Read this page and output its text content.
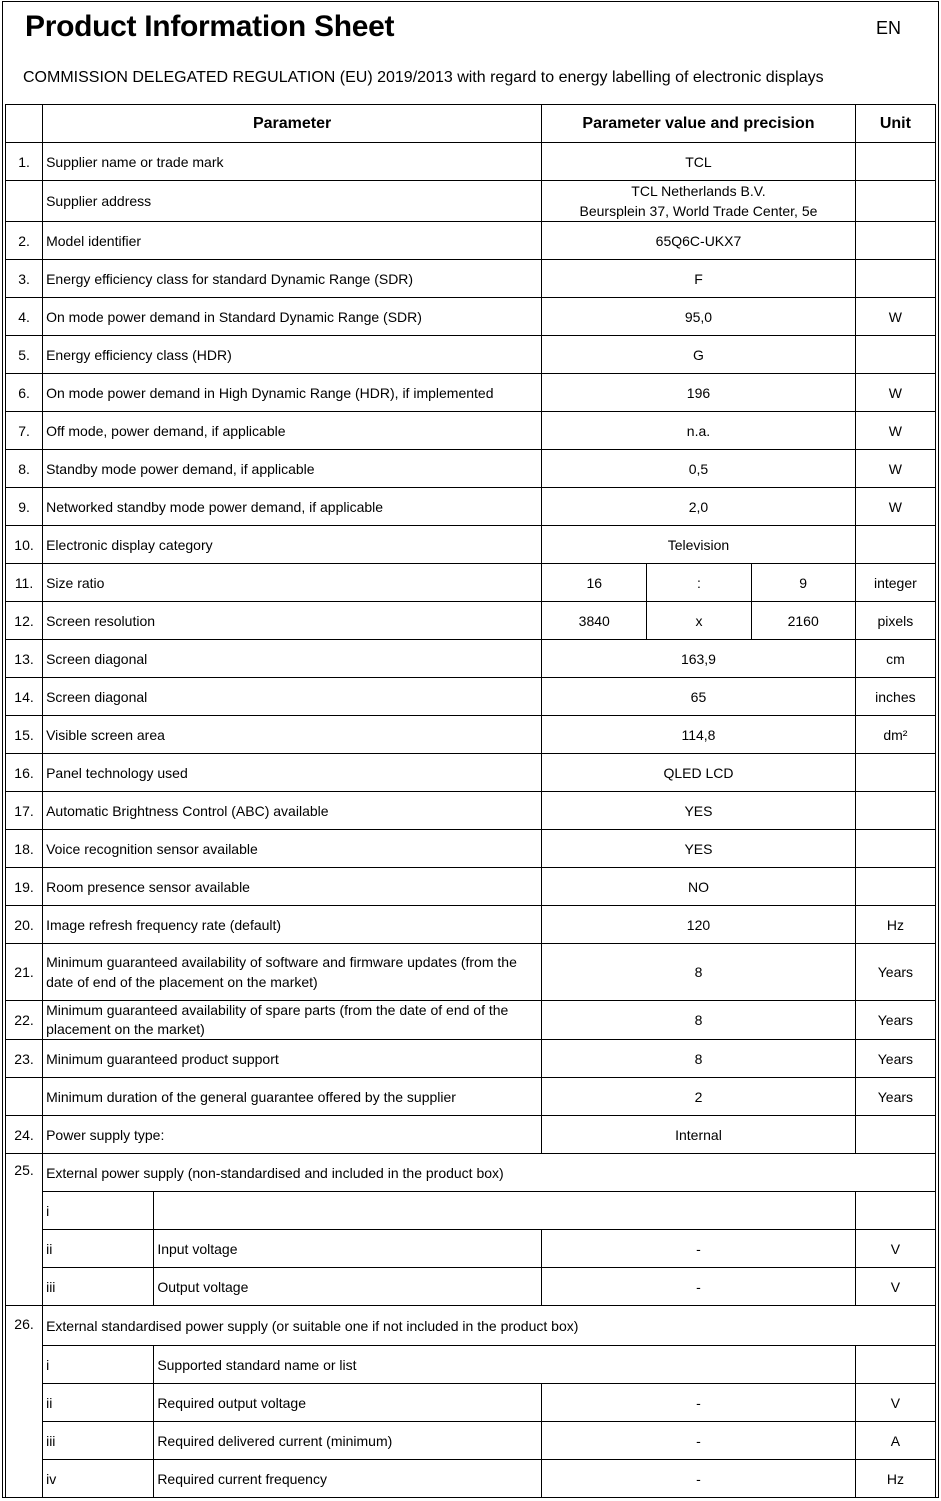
Product Information Sheet	EN
COMMISSION DELEGATED REGULATION (EU) 2019/2013 with regard to energy labelling of electronic displays
	Parameter		Parameter value and precision			Unit
1.	Supplier name or trade mark		TCL			
	Supplier address		TCL Netherlands B.V.
Beursplein 37, World Trade Center, 5e			

2.	Model identifier		65Q6C-UKX7			
3.	Energy efficiency class for standard Dynamic Range (SDR)		F			
4.	On mode power demand in Standard Dynamic Range (SDR)		95,0			W
5.	Energy efficiency class (HDR)		G			
6.	On mode power demand in High Dynamic Range (HDR), if implemented		196			W
7.	Off mode, power demand, if applicable		n.a.			W
8.	Standby mode power demand, if applicable		0,5			W
9.	Networked standby mode power demand, if applicable		2,0			W
10.	Electronic display category		Television			
11.	Size ratio		16	:	9	integer
12.	Screen resolution		3840	x	2160	pixels
13.	Screen diagonal		163,9			cm
14.	Screen diagonal		65			inches
15.	Visible screen area		114,8			dm²
16.	Panel technology used		QLED LCD			
17.	Automatic Brightness Control (ABC) available		YES			
18.	Voice recognition sensor available		YES			
19.	Room presence sensor available		NO			
20.	Image refresh frequency rate (default)		120			Hz
21.	Minimum guaranteed availability of software and firmware updates (from the
date of end of the placement on the market)		8			Years
22.	Minimum guaranteed availability of spare parts (from the date of end of the
placement on the market)		8			Years
23.	Minimum guaranteed product support		8			Years
	Minimum duration of the general guarantee offered by the supplier		2			Years
24.	Power supply type:		Internal			
25.	External power supply (non-standardised and included in the product box)					
	i					
	ii	Input voltage	-			V
	iii	Output voltage	-			V
26.	External standardised power supply (or suitable one if not included in the product box)					
	i	Supported standard name or list				
	ii	Required output voltage	-			V
	iii	Required delivered current (minimum)	-			A
	iv	Required current frequency	-			Hz
